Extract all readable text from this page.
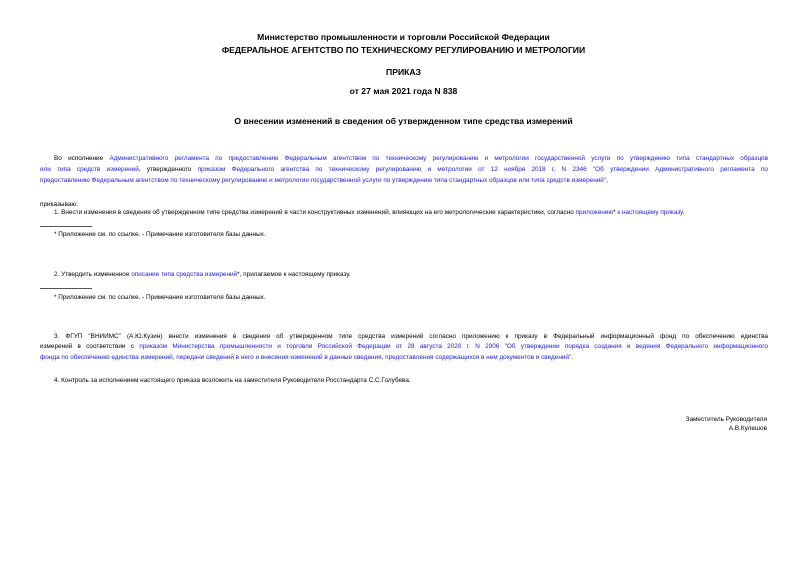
Министерство промышленности и торговли Российской Федерации
ФЕДЕРАЛЬНОЕ АГЕНТСТВО ПО ТЕХНИЧЕСКОМУ РЕГУЛИРОВАНИЮ И МЕТРОЛОГИИ
ПРИКАЗ
от 27 мая 2021 года N 838
О внесении изменений в сведения об утвержденном типе средства измерений
Во исполнение Административного регламента по предоставлению Федеральным агентством по техническому регулированию и метрологии государственной услуги по утверждению типа стандартных образцов
или типа средств измерений, утвержденного приказом Федерального агентства по техническому регулированию и метрологии от 12 ноября 2018 г. N 2346 "Об утверждении Административного регламента по
предоставлению Федеральным агентством по техническому регулированию и метрологии государственной услуги по утверждению типа стандартных образцов или типа средств измерений",
приказываю:
1. Внести изменения в сведения об утвержденном типе средства измерений в части конструктивных изменений, влияющих на его метрологические характеристики, согласно приложению* к настоящему приказу.
* Приложение см. по ссылке. - Примечание изготовителя базы данных.
2. Утвердить измененное описание типа средства измерений*, прилагаемое к настоящему приказу.
* Приложение см. по ссылке. - Примечание изготовителя базы данных.
3. ФГУП "ВНИИМС" (А.Ю.Кузин) внести изменения в сведения об утвержденном типе средства измерений согласно приложению к приказу в Федеральный информационный фонд по обеспечению единства
измерений в соответствии с приказом Министерства промышленности и торговли Российской Федерации от 28 августа 2020 г. N 2906 "Об утверждении порядка создания и ведения Федерального информационного
фонда по обеспечению единства измерений, передачи сведений в него и внесения изменений в данные сведения, предоставления содержащихся в нем документов и сведений".
4. Контроль за исполнением настоящего приказа возложить на заместителя Руководителя Росстандарта С.С.Голубева.
Заместитель Руководителя
А.В.Кулешов
